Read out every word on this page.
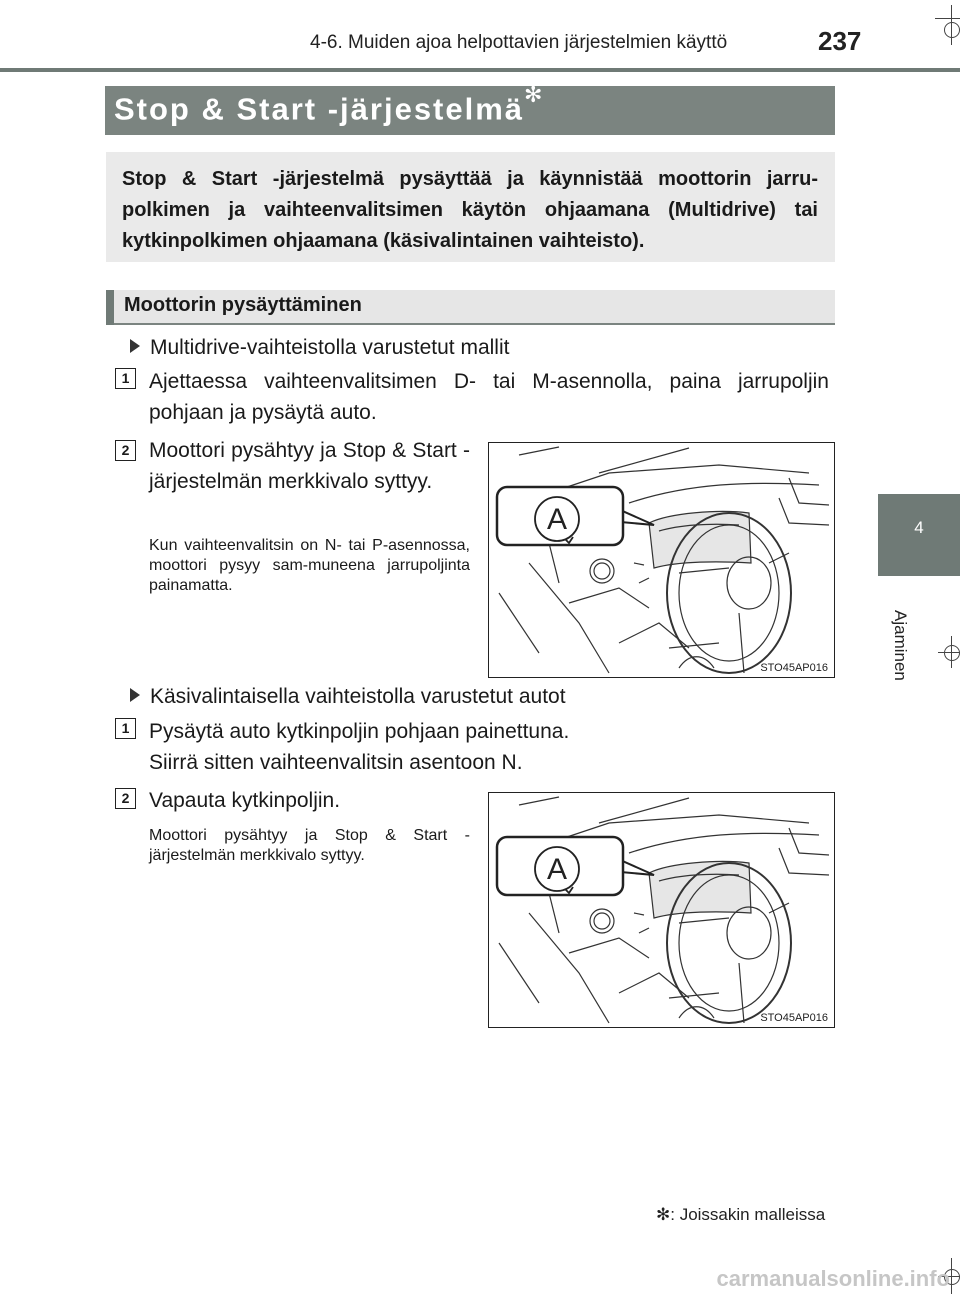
4-6. Muiden ajoa helpottavien järjestelmien käyttö	237
4
Ajaminen
Stop & Start -järjestelmä✻
Stop & Start -järjestelmä pysäyttää ja käynnistää moottorin jarru-polkimen ja vaihteenvalitsimen käytön ohjaamana (Multidrive) tai kytkinpolkimen ohjaamana (käsivalintainen vaihteisto).
Moottorin pysäyttäminen
Multidrive-vaihteistolla varustetut mallit
1 Ajettaessa vaihteenvalitsimen D- tai M-asennolla, paina jarrupoljin pohjaan ja pysäytä auto.
2 Moottori pysähtyy ja Stop & Start -järjestelmän merkkivalo syttyy.
Kun vaihteenvalitsin on N- tai P-asennossa, moottori pysyy sam-muneena jarrupoljinta painamatta.
A
STO45AP016
Käsivalintaisella vaihteistolla varustetut autot
1 Pysäytä auto kytkinpoljin pohjaan painettuna.
Siirrä sitten vaihteenvalitsin asentoon N.
2 Vapauta kytkinpoljin.
Moottori pysähtyy ja Stop & Start -järjestelmän merkkivalo syttyy.	A
STO45AP016
✻: Joissakin malleissa
carmanualsonline.info
